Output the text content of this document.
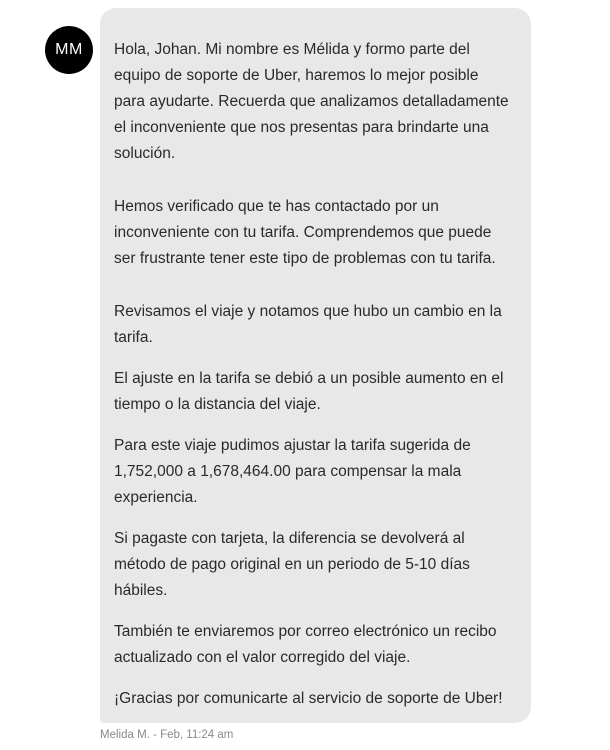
MM	Hola, Johan. Mi nombre es Mélida y formo parte del
equipo de soporte de Uber, haremos lo mejor posible
para ayudarte. Recuerda que analizamos detalladamente
el inconveniente que nos presentas para brindarte una
solución.
Hemos verificado que te has contactado por un
inconveniente con tu tarifa. Comprendemos que puede
ser frustrante tener este tipo de problemas con tu tarifa.
Revisamos el viaje y notamos que hubo un cambio en la
tarifa.
El ajuste en la tarifa se debió a un posible aumento en el
tiempo o la distancia del viaje.
Para este viaje pudimos ajustar la tarifa sugerida de
1,752,000 a 1,678,464.00 para compensar la mala
experiencia.
Si pagaste con tarjeta, la diferencia se devolverá al
método de pago original en un periodo de 5-10 días
hábiles.
También te enviaremos por correo electrónico un recibo
actualizado con el valor corregido del viaje.
¡Gracias por comunicarte al servicio de soporte de Uber!
Melida M. - Feb, 11:24 am
